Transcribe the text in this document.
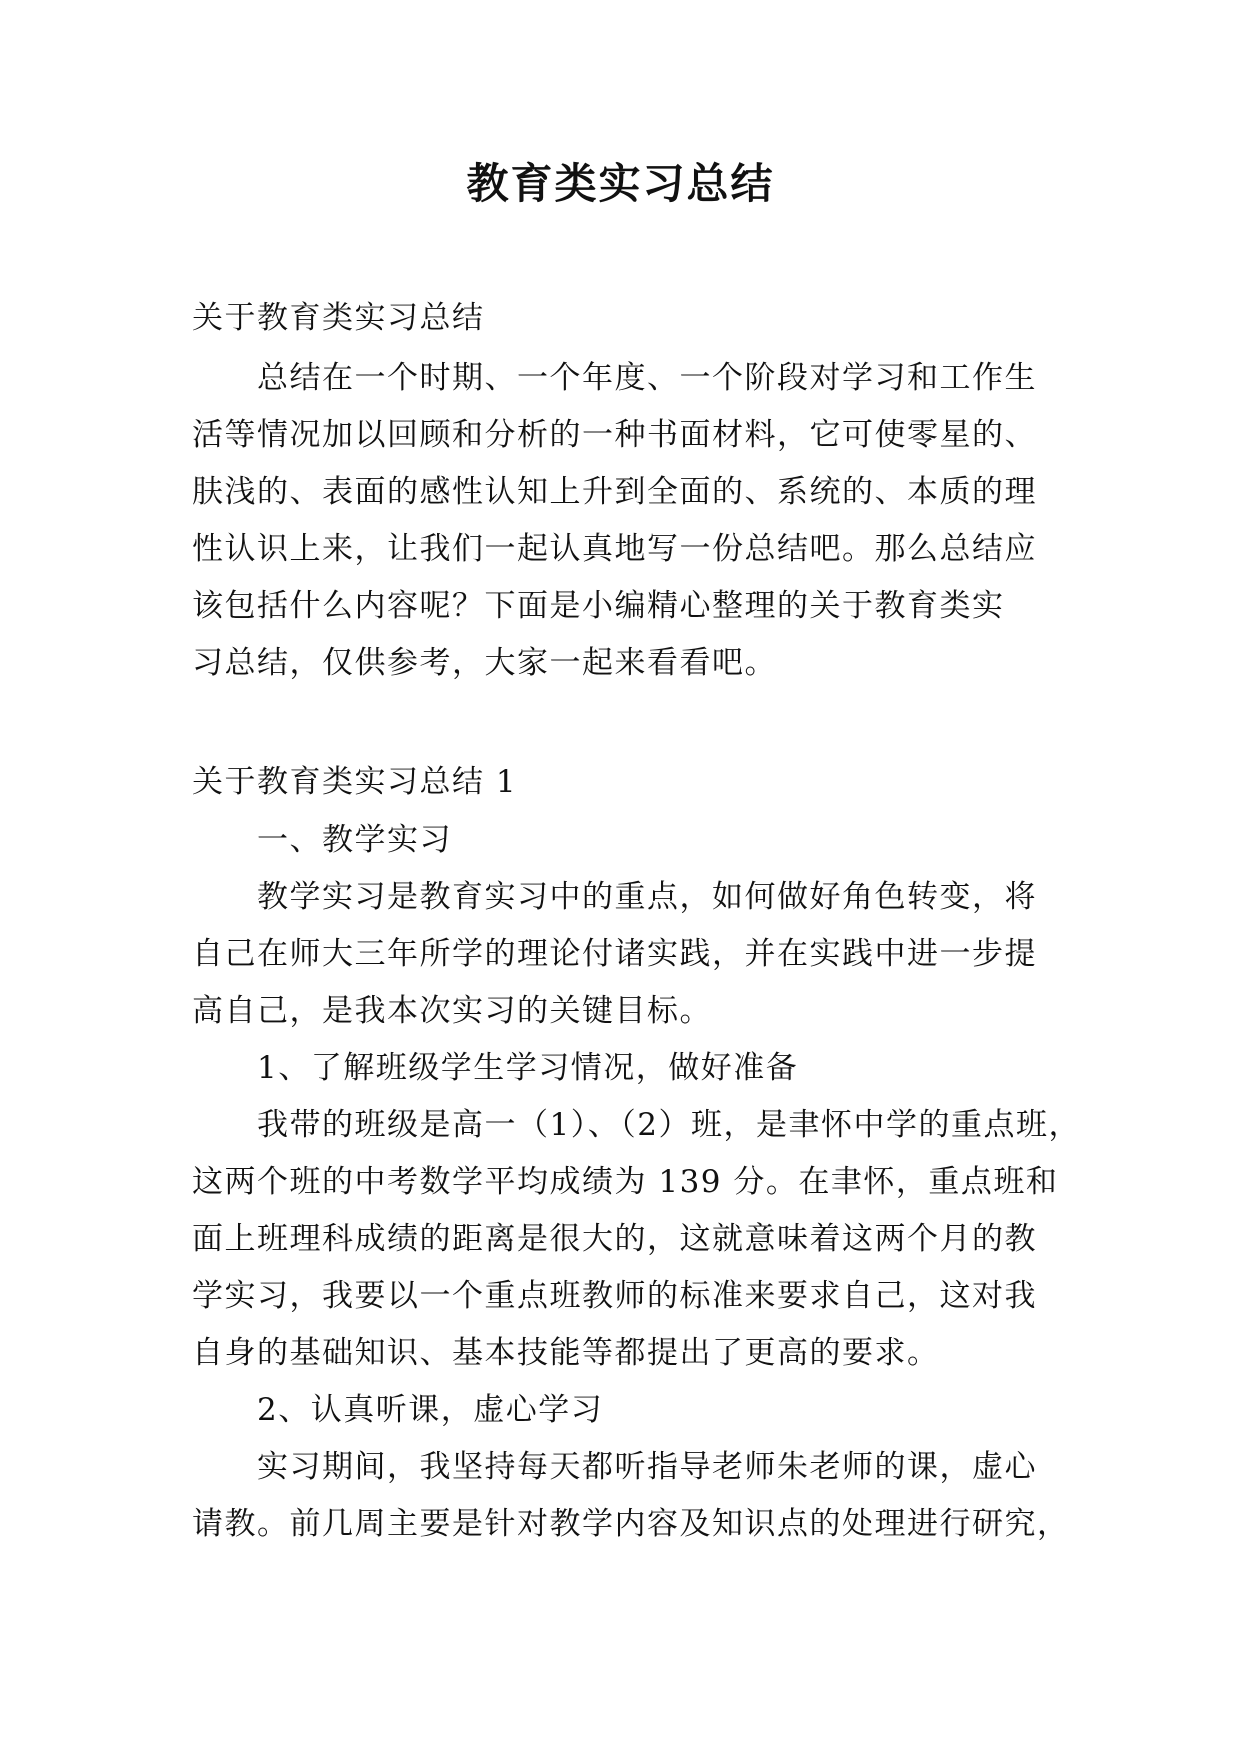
教育类实习总结

关于教育类实习总结

总结在一个时期、一个年度、一个阶段对学习和工作生

活等情况加以回顾和分析的一种书面材料，它可使零星的、

肤浅的、表面的感性认知上升到全面的、系统的、本质的理

性认识上来，让我们一起认真地写一份总结吧。那么总结应

该包括什么内容呢？下面是小编精心整理的关于教育类实

习总结，仅供参考，大家一起来看看吧。

关于教育类实习总结 1

一、教学实习

教学实习是教育实习中的重点，如何做好角色转变，将

自己在师大三年所学的理论付诸实践，并在实践中进一步提

高自己，是我本次实习的关键目标。

1、了解班级学生学习情况，做好准备

我带的班级是高一（1）、（2）班，是聿怀中学的重点班，

这两个班的中考数学平均成绩为 139 分。在聿怀，重点班和

面上班理科成绩的距离是很大的，这就意味着这两个月的教

学实习，我要以一个重点班教师的标准来要求自己，这对我

自身的基础知识、基本技能等都提出了更高的要求。

2、认真听课，虚心学习

实习期间，我坚持每天都听指导老师朱老师的课，虚心

请教。前几周主要是针对教学内容及知识点的处理进行研究，
